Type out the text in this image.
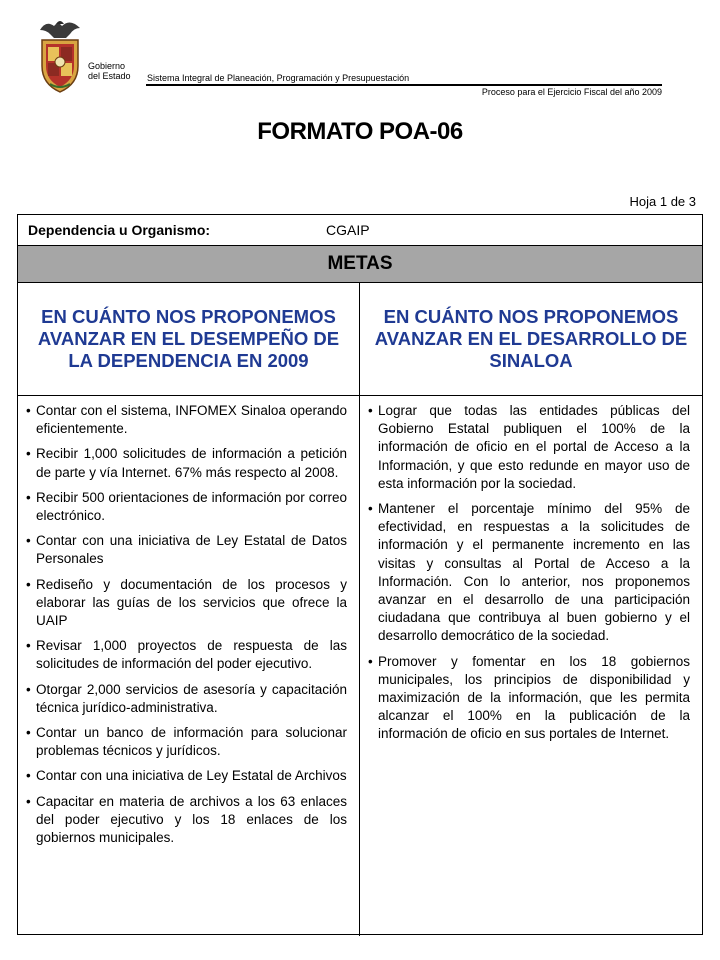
Gobierno
del Estado Sistema Integral de Planeación, Programación y Presupuestación
Proceso para el Ejercicio Fiscal del año 2009
FORMATO POA-06
Hoja 1 de 3
Dependencia u Organismo:	CGAIP
METAS
EN CUÁNTO NOS PROPONEMOS AVANZAR EN EL DESEMPEÑO DE LA DEPENDENCIA EN 2009
EN CUÁNTO NOS PROPONEMOS AVANZAR EN EL DESARROLLO DE SINALOA
• Contar con el sistema, INFOMEX Sinaloa operando eficientemente.
• Recibir 1,000 solicitudes de información a petición de parte y vía Internet. 67% más respecto al 2008.
• Recibir 500 orientaciones de información por correo electrónico.
• Contar con una iniciativa de Ley Estatal de Datos Personales
• Rediseño y documentación de los procesos y elaborar las guías de los servicios que ofrece la UAIP
• Revisar 1,000 proyectos de respuesta de las solicitudes de información del poder ejecutivo.
• Otorgar 2,000 servicios de asesoría y capacitación técnica jurídico-administrativa.
• Contar un banco de información para solucionar problemas técnicos y jurídicos.
• Contar con una iniciativa de Ley Estatal de Archivos
• Capacitar en materia de archivos a los 63 enlaces del poder ejecutivo y los 18 enlaces de los gobiernos municipales.
• Lograr que todas las entidades públicas del Gobierno Estatal publiquen el 100% de la información de oficio en el portal de Acceso a la Información, y que esto redunde en mayor uso de esta información por la sociedad.
• Mantener el porcentaje mínimo del 95% de efectividad, en respuestas a la solicitudes de información y el permanente incremento en las visitas y consultas al Portal de Acceso a la Información. Con lo anterior, nos proponemos avanzar en el desarrollo de una participación ciudadana que contribuya al buen gobierno y el desarrollo democrático de la sociedad.
• Promover y fomentar en los 18 gobiernos municipales, los principios de disponibilidad y maximización de la información, que les permita alcanzar el 100% en la publicación de la información de oficio en sus portales de Internet.
